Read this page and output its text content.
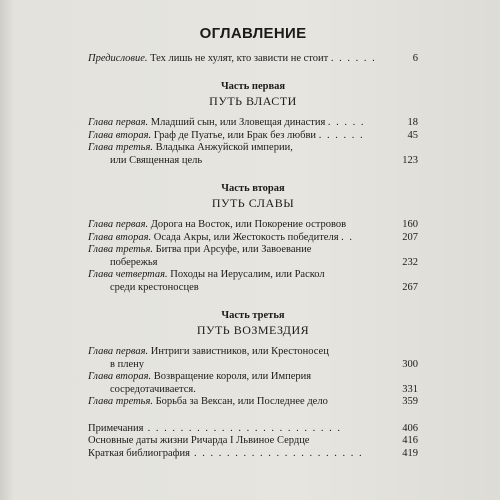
ОГЛАВЛЕНИЕ
Предисловие. Тех лишь не хулят, кто зависти не стоит . . . . . .	6
Часть первая
ПУТЬ ВЛАСТИ
Глава первая. Младший сын, или Зловещая династия . . . . .	18
Глава вторая. Граф де Пуатье, или Брак без любви . . . . . .	45
Глава третья. Владыка Анжуйской империи,
или Священная цель	123
Часть вторая
ПУТЬ СЛАВЫ
Глава первая. Дорога на Восток, или Покорение островов	160
Глава вторая. Осада Акры, или Жестокость победителя . .	207
Глава третья. Битва при Арсуфе, или Завоевание
побережья	232
Глава четвертая. Походы на Иерусалим, или Раскол
среди крестоносцев	267
Часть третья
ПУТЬ ВОЗМЕЗДИЯ
Глава первая. Интриги завистников, или Крестоносец
в плену	300
Глава вторая. Возвращение короля, или Империя
сосредотачивается.	331
Глава третья. Борьба за Вексан, или Последнее дело	359
Примечания . . . . . . . . . . . . . . . . . . . . . . . .	406
Основные даты жизни Ричарда I Львиное Сердце	416
Краткая библиография . . . . . . . . . . . . . . . . . . . . .	419
